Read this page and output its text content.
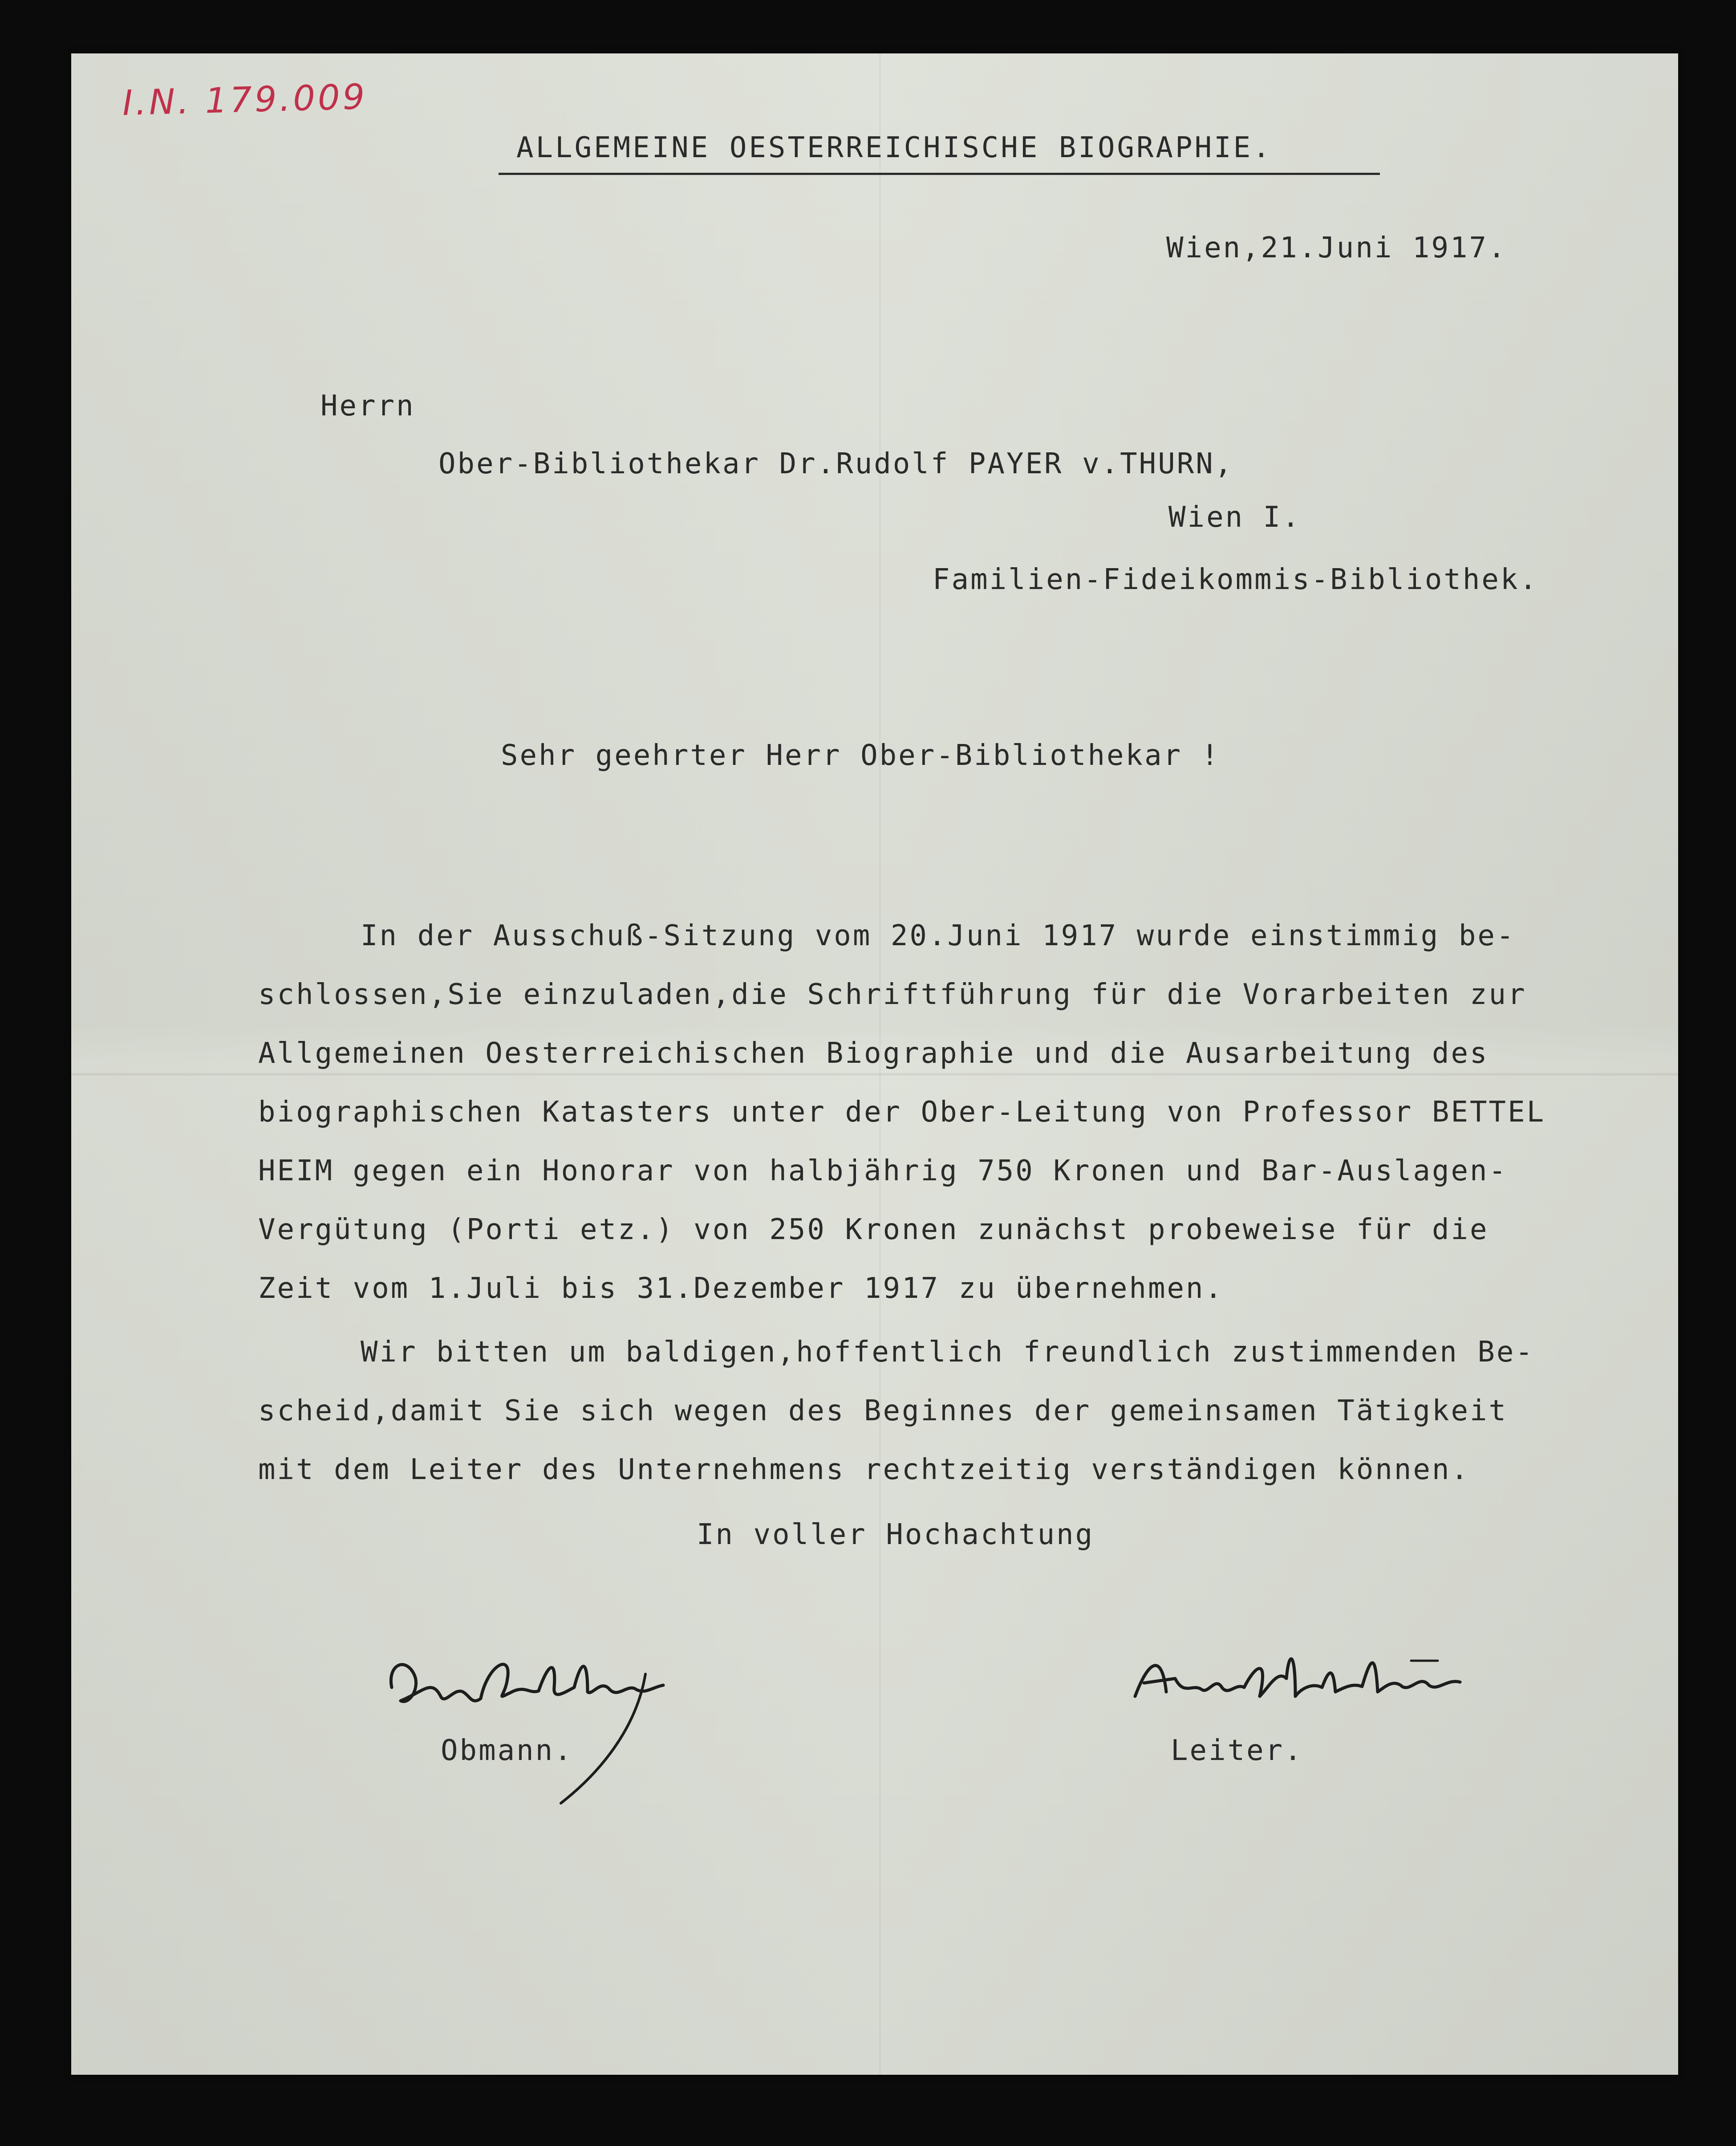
I.N. 179.009
ALLGEMEINE OESTERREICHISCHE BIOGRAPHIE.
Wien,21.Juni 1917.
Herrn
Ober-Bibliothekar Dr.Rudolf PAYER v.THURN,
Wien I.
Familien-Fideikommis-Bibliothek.
Sehr geehrter Herr Ober-Bibliothekar !
In der Ausschuß-Sitzung vom 20.Juni 1917 wurde einstimmig be-
schlossen,Sie einzuladen,die Schriftführung für die Vorarbeiten zur
Allgemeinen Oesterreichischen Biographie und die Ausarbeitung des
biographischen Katasters unter der Ober-Leitung von Professor BETTEL
HEIM gegen ein Honorar von halbjährig 750 Kronen und Bar-Auslagen-
Vergütung (Porti etz.) von 250 Kronen zunächst probeweise für die
Zeit vom 1.Juli bis 31.Dezember 1917 zu übernehmen.
Wir bitten um baldigen,hoffentlich freundlich zustimmenden Be-
scheid,damit Sie sich wegen des Beginnes der gemeinsamen Tätigkeit
mit dem Leiter des Unternehmens rechtzeitig verständigen können.
In voller Hochachtung
Obmann.	Leiter.
